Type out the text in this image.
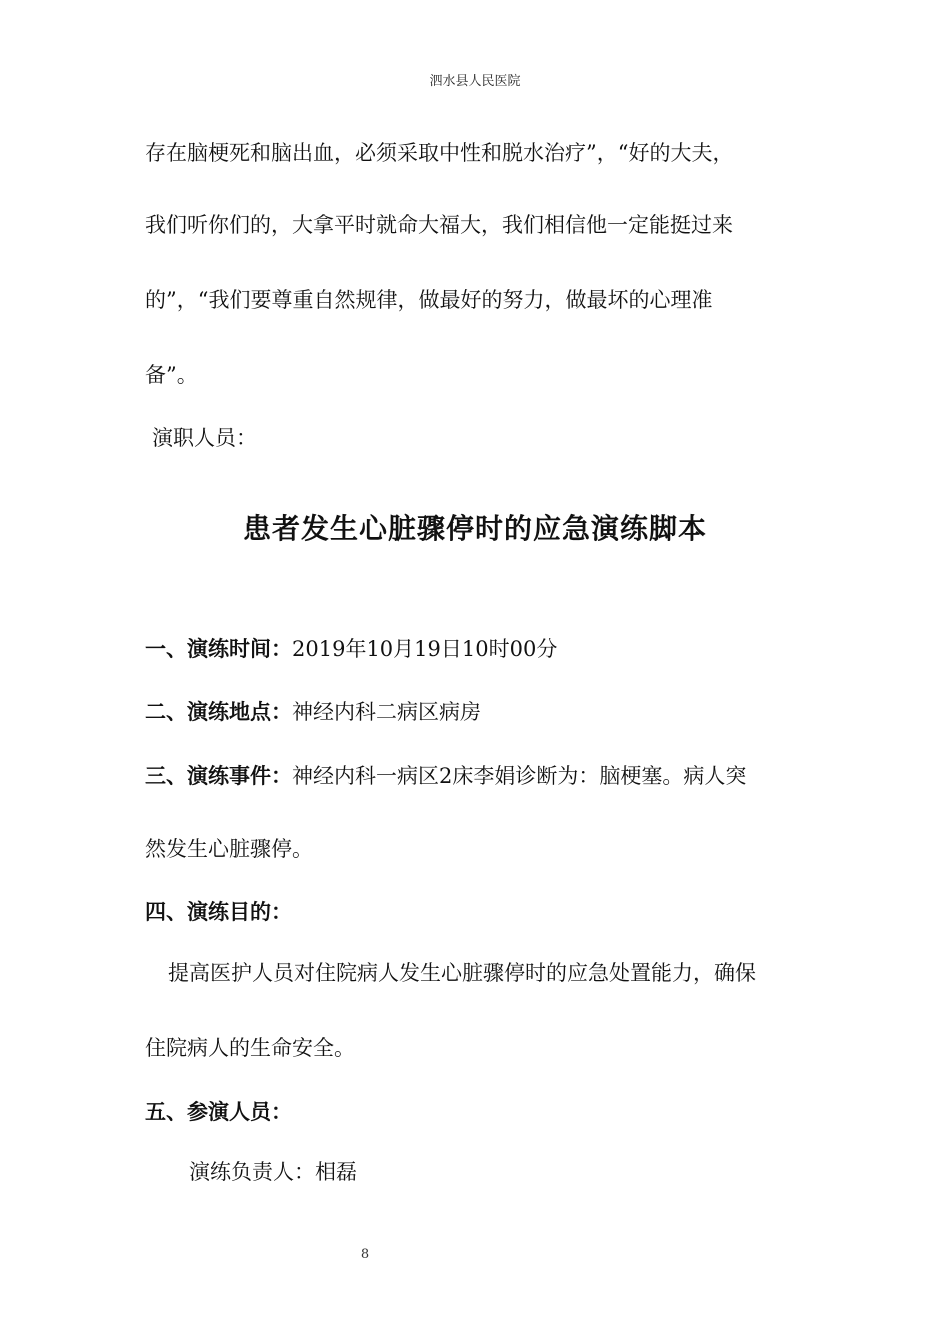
泗水县人民医院
存在脑梗死和脑出血，必须采取中性和脱水治疗”，“好的大夫，
我们听你们的，大拿平时就命大福大，我们相信他一定能挺过来
的”，“我们要尊重自然规律，做最好的努力，做最坏的心理准
备”。
演职人员：
患者发生心脏骤停时的应急演练脚本
一、演练时间：2019年10月19日10时00分
二、演练地点：神经内科二病区病房
三、演练事件：神经内科一病区2床李娟诊断为：脑梗塞。病人突
然发生心脏骤停。
四、演练目的：
提高医护人员对住院病人发生心脏骤停时的应急处置能力，确保
住院病人的生命安全。
五、参演人员：
演练负责人：相磊
8
